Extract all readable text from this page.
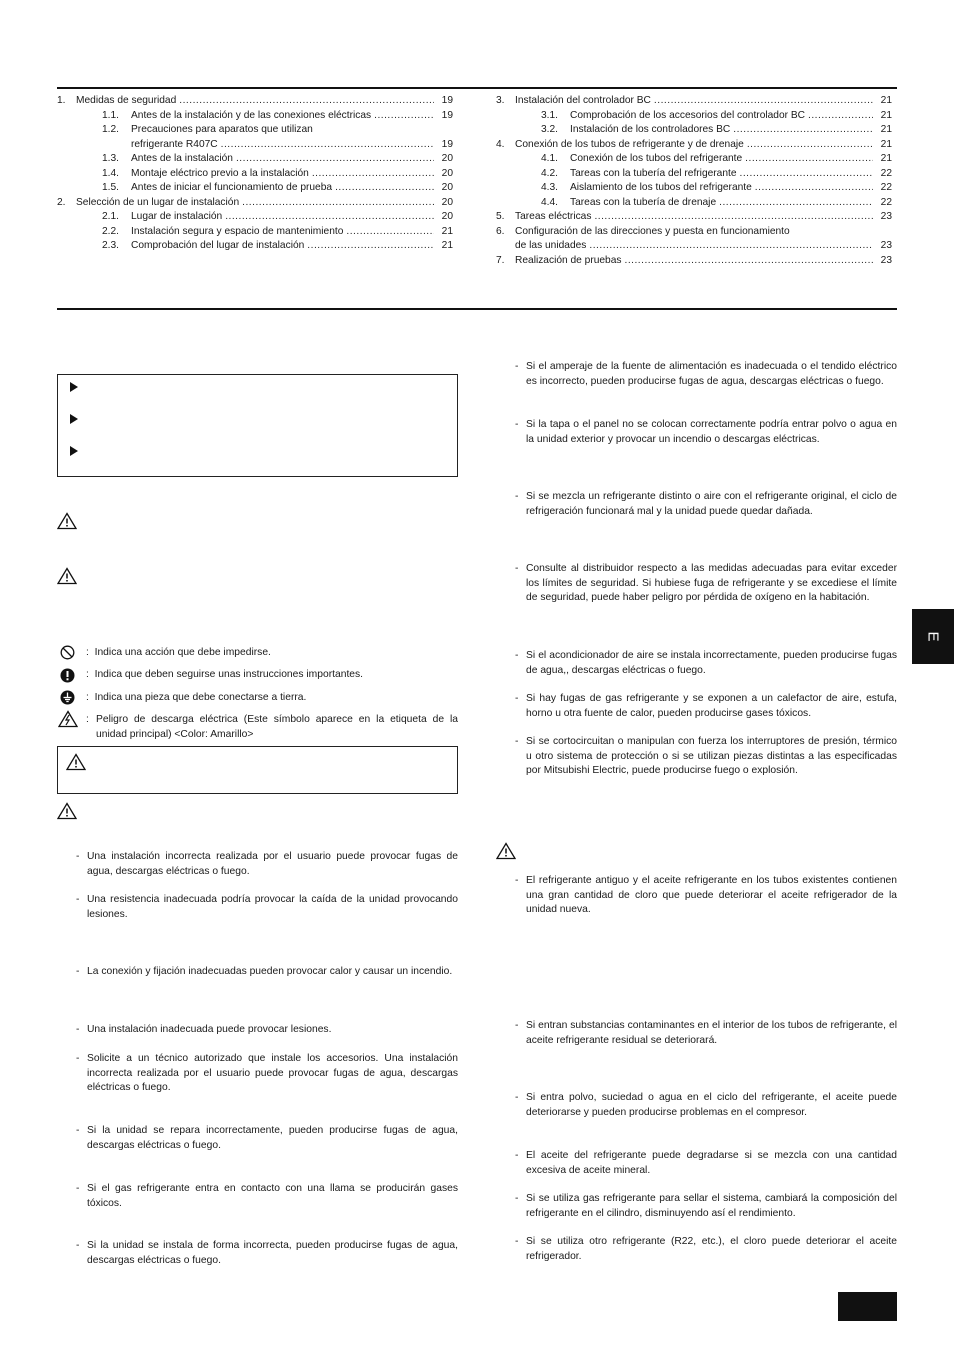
1.	Medidas de seguridad .....	19
1.1.	Antes de la instalación y de las conexiones eléctricas .....	19
1.2.	Precauciones para aparatos que utilizan
refrigerante R407C .....	19
1.3.	Antes de la instalación .....	20
1.4.	Montaje eléctrico previo a la instalación .....	20
1.5.	Antes de iniciar el funcionamiento de prueba .....	20
2.	Selección de un lugar de instalación .....	20
2.1.	Lugar de instalación .....	20
2.2.	Instalación segura y espacio de mantenimiento .....	21
2.3.	Comprobación del lugar de instalación .....	21
3.	Instalación del controlador BC .....	21
3.1.	Comprobación de los accesorios del controlador BC .....	21
3.2.	Instalación de los controladores BC .....	21
4.	Conexión de los tubos de refrigerante y de drenaje .....	21
4.1.	Conexión de los tubos del refrigerante .....	21
4.2.	Tareas con la tubería del refrigerante .....	22
4.3.	Aislamiento de los tubos del refrigerante .....	22
4.4.	Tareas con la tubería de drenaje .....	22
5.	Tareas eléctricas .....	23
6.	Configuración de las direcciones y puesta en funcionamiento
de las unidades .....	23
7.	Realización de pruebas .....	23
:  Indica una acción que debe impedirse.
:  Indica que deben seguirse unas instrucciones importantes.
:  Indica una pieza que debe conectarse a tierra.
: Peligro de descarga eléctrica (Este símbolo aparece en la etiqueta de la unidad principal) <Color: Amarillo>
- Una instalación incorrecta realizada por el usuario puede provocar fugas de agua, descargas eléctricas o fuego.
- Una resistencia inadecuada podría provocar la caída de la unidad provocando lesiones.
- La conexión y fijación inadecuadas pueden provocar calor y causar un incendio.
- Una instalación inadecuada puede provocar lesiones.
- Solicite a un técnico autorizado que instale los accesorios. Una instalación incorrecta realizada por el usuario puede provocar fugas de agua, descargas eléctricas o fuego.
- Si la unidad se repara incorrectamente, pueden producirse fugas de agua, descargas eléctricas o fuego.
- Si el gas refrigerante entra en contacto con una llama se producirán gases tóxicos.
- Si la unidad se instala de forma incorrecta, pueden producirse fugas de agua, descargas eléctricas o fuego.
- Si el amperaje de la fuente de alimentación es inadecuada o el tendido eléctrico es incorrecto, pueden producirse fugas de agua, descargas eléctricas o fuego.
- Si la tapa o el panel no se colocan correctamente podría entrar polvo o agua en la unidad exterior y provocar un incendio o descargas eléctricas.
- Si se mezcla un refrigerante distinto o aire con el refrigerante original, el ciclo de refrigeración funcionará mal y la unidad puede quedar dañada.
- Consulte al distribuidor respecto a las medidas adecuadas para evitar exceder los límites de seguridad. Si hubiese fuga de refrigerante y se excediese el límite de seguridad, puede haber peligro por pérdida de oxígeno en la habitación.
- Si el acondicionador de aire se instala incorrectamente, pueden producirse fugas de agua,, descargas eléctricas o fuego.
- Si hay fugas de gas refrigerante y se exponen a un calefactor de aire, estufa, horno u otra fuente de calor, pueden producirse gases tóxicos.
- Si se cortocircuitan o manipulan con fuerza los interruptores de presión, térmico u otro sistema de protección o si se utilizan piezas distintas a las especificadas por Mitsubishi Electric, puede producirse fuego o explosión.
- El refrigerante antiguo y el aceite refrigerante en los tubos existentes contienen una gran cantidad de cloro que puede deteriorar el aceite refrigerador de la unidad nueva.
- Si entran substancias contaminantes en el interior de los tubos de refrigerante, el aceite refrigerante residual se deteriorará.
- Si entra polvo, suciedad o agua en el ciclo del refrigerante, el aceite puede deteriorarse y pueden producirse problemas en el compresor.
- El aceite del refrigerante puede degradarse si se mezcla con una cantidad excesiva de aceite mineral.
- Si se utiliza gas refrigerante para sellar el sistema, cambiará la composición del refrigerante en el cilindro, disminuyendo así el rendimiento.
- Si se utiliza otro refrigerante (R22, etc.), el cloro puede deteriorar el aceite refrigerador.
E
